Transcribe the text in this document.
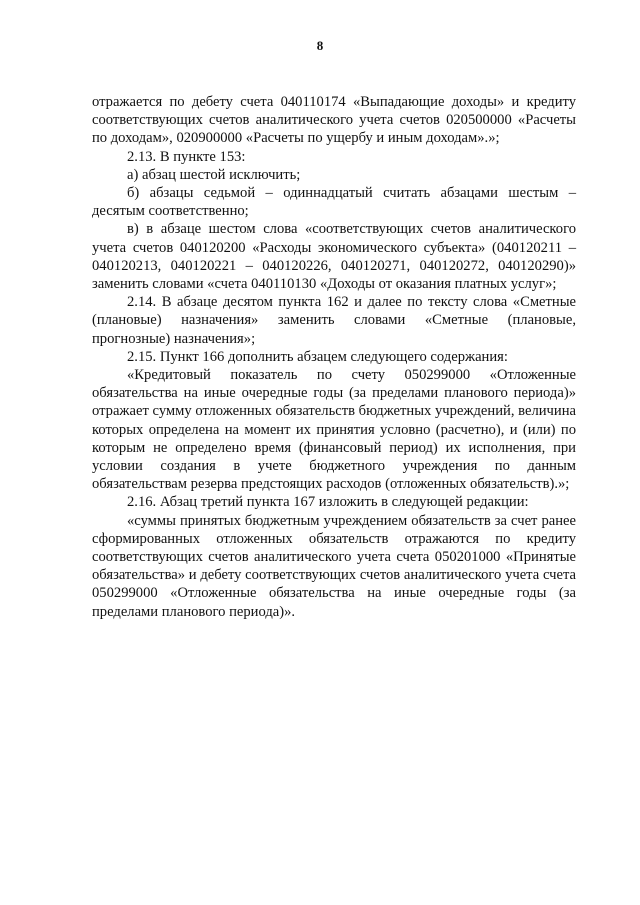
8

отражается по дебету счета 040110174 «Выпадающие доходы» и кредиту соответствующих счетов аналитического учета счетов 020500000 «Расчеты по доходам», 020900000 «Расчеты по ущербу и иным доходам».»;

2.13. В пункте 153:

а) абзац шестой исключить;

б) абзацы седьмой – одиннадцатый считать абзацами шестым – десятым соответственно;

в) в абзаце шестом слова «соответствующих счетов аналитического учета счетов 040120200 «Расходы экономического субъекта» (040120211 – 040120213, 040120221 – 040120226, 040120271, 040120272, 040120290)» заменить словами «счета 040110130 «Доходы от оказания платных услуг»;

2.14. В абзаце десятом пункта 162 и далее по тексту слова «Сметные (плановые) назначения» заменить словами «Сметные (плановые, прогнозные) назначения»;

2.15. Пункт 166 дополнить абзацем следующего содержания:

«Кредитовый показатель по счету 050299000 «Отложенные обязательства на иные очередные годы (за пределами планового периода)» отражает сумму отложенных обязательств бюджетных учреждений, величина которых определена на момент их принятия условно (расчетно), и (или) по которым не определено время (финансовый период) их исполнения, при условии создания в учете бюджетного учреждения по данным обязательствам резерва предстоящих расходов (отложенных обязательств).»;

2.16. Абзац третий пункта 167 изложить в следующей редакции:

«суммы принятых бюджетным учреждением обязательств за счет ранее сформированных отложенных обязательств отражаются по кредиту соответствующих счетов аналитического учета счета 050201000 «Принятые обязательства» и дебету соответствующих счетов аналитического учета счета 050299000 «Отложенные обязательства на иные очередные годы (за пределами планового периода)».
